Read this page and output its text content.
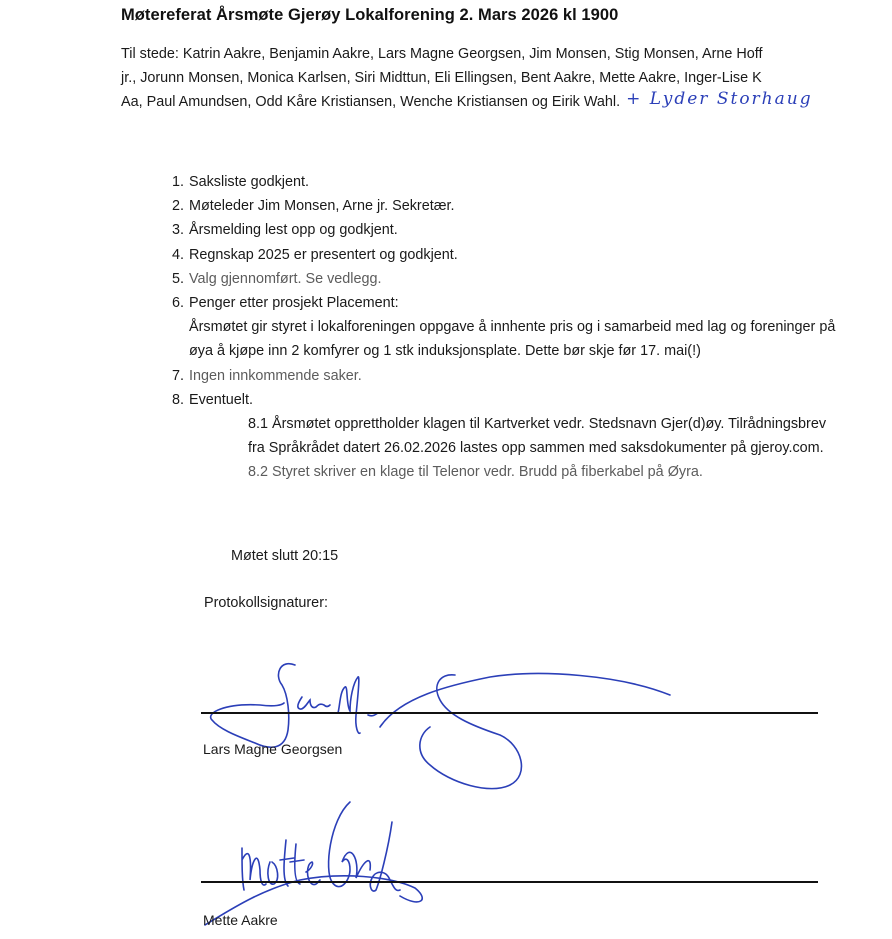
Møtereferat Årsmøte Gjerøy Lokalforening 2. Mars 2026 kl 1900
Til stede: Katrin Aakre, Benjamin Aakre, Lars Magne Georgsen, Jim Monsen, Stig Monsen, Arne Hoff
jr., Jorunn Monsen, Monica Karlsen, Siri Midttun, Eli Ellingsen, Bent Aakre, Mette Aakre, Inger-Lise K
Aa, Paul Amundsen, Odd Kåre Kristiansen, Wenche Kristiansen og Eirik Wahl. + Lyder Storhaug
1. Saksliste godkjent.
2. Møteleder Jim Monsen, Arne jr. Sekretær.
3. Årsmelding lest opp og godkjent.
4. Regnskap 2025 er presentert og godkjent.
5. Valg gjennomført. Se vedlegg.
6. Penger etter prosjekt Placement:
Årsmøtet gir styret i lokalforeningen oppgave å innhente pris og i samarbeid med lag og foreninger på øya å kjøpe inn 2 komfyrer og 1 stk induksjonsplate. Dette bør skje før 17. mai(!)
7. Ingen innkommende saker.
8. Eventuelt.
8.1 Årsmøtet opprettholder klagen til Kartverket vedr. Stedsnavn Gjer(d)øy. Tilrådningsbrev fra Språkrådet datert 26.02.2026 lastes opp sammen med saksdokumenter på gjeroy.com.
8.2 Styret skriver en klage til Telenor vedr. Brudd på fiberkabel på Øyra.
Møtet slutt 20:15
Protokollsignaturer:
Lars Magne Georgsen
Mette Aakre
